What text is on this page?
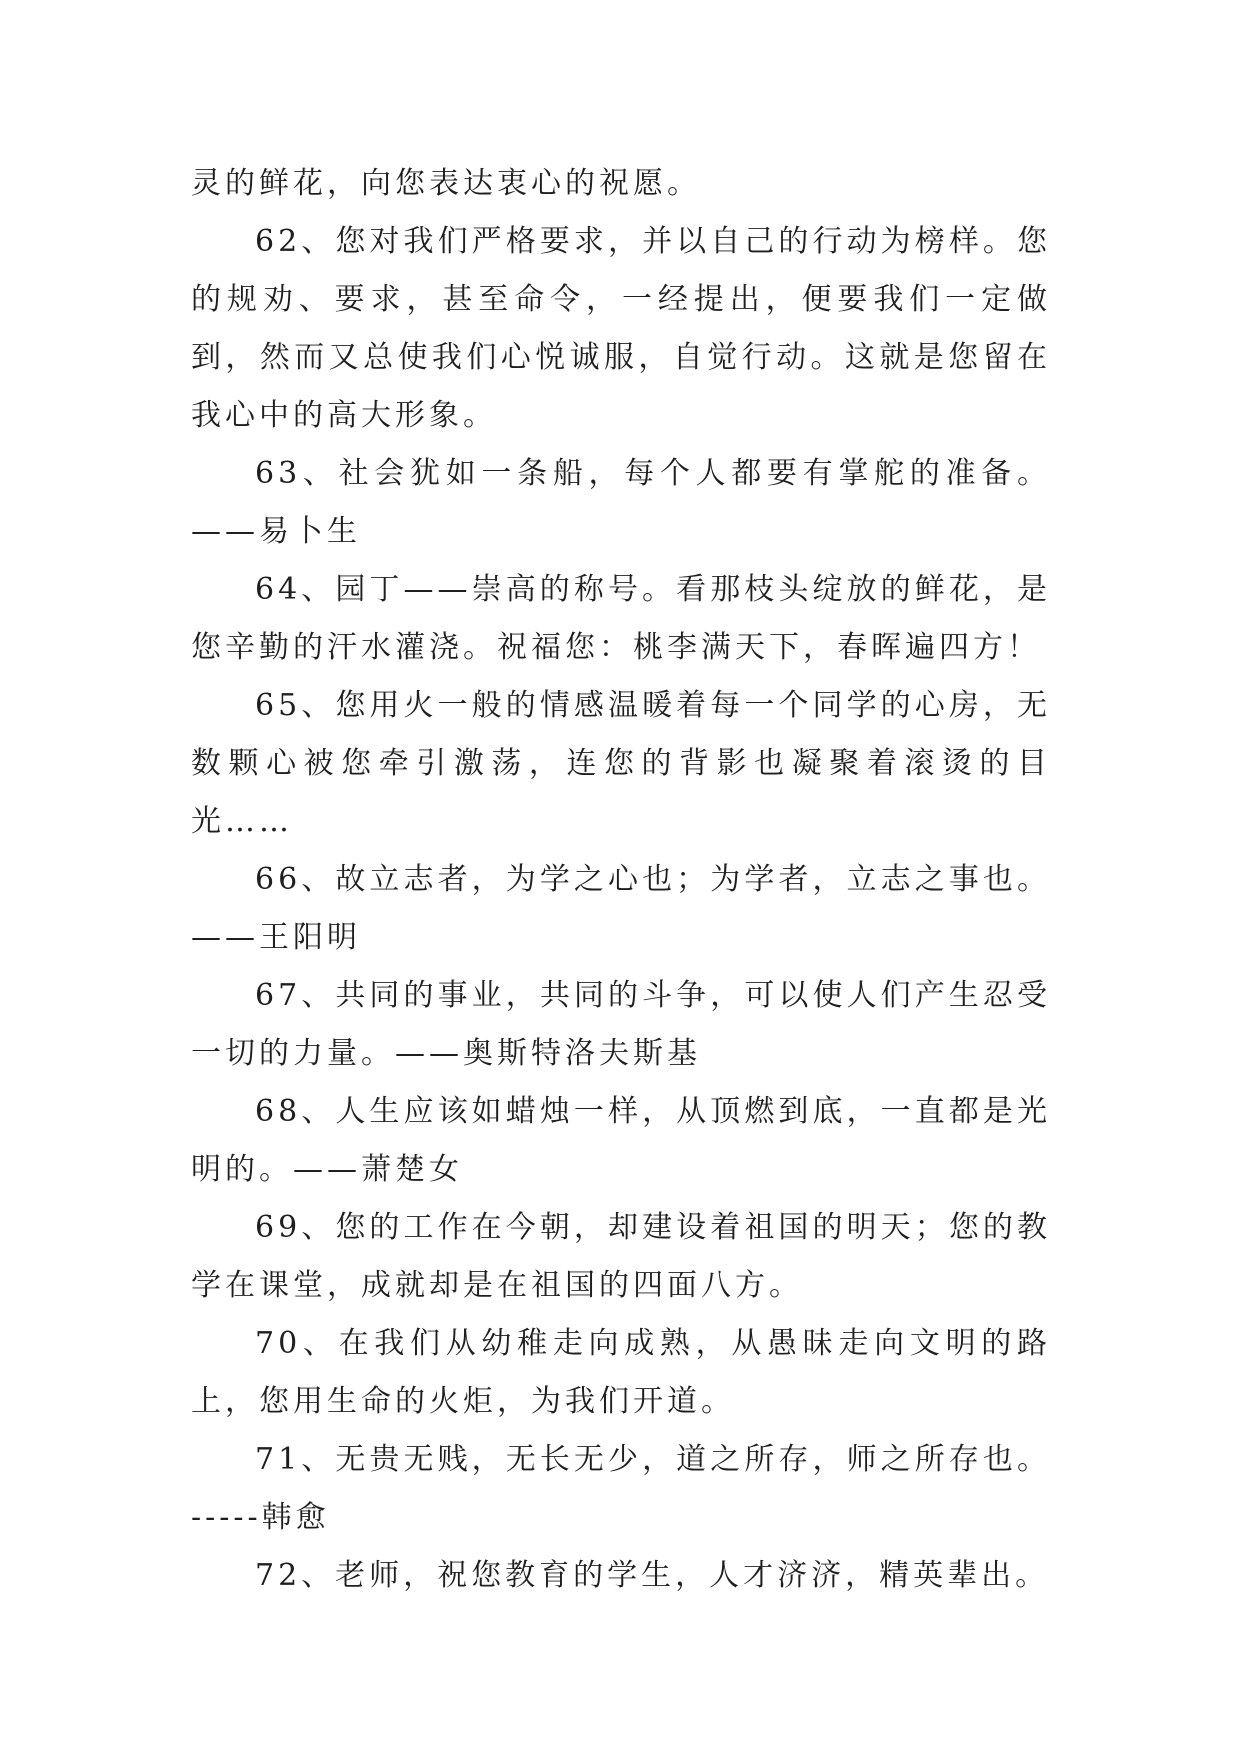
灵的鲜花，向您表达衷心的祝愿。

62、您对我们严格要求，并以自己的行动为榜样。您的规劝、要求，甚至命令，一经提出，便要我们一定做到，然而又总使我们心悦诚服，自觉行动。这就是您留在我心中的高大形象。

63、社会犹如一条船，每个人都要有掌舵的准备。——易卜生

64、园丁——崇高的称号。看那枝头绽放的鲜花，是您辛勤的汗水灌浇。祝福您：桃李满天下，春晖遍四方！

65、您用火一般的情感温暖着每一个同学的心房，无数颗心被您牵引激荡，连您的背影也凝聚着滚烫的目光……

66、故立志者，为学之心也；为学者，立志之事也。——王阳明

67、共同的事业，共同的斗争，可以使人们产生忍受一切的力量。——奥斯特洛夫斯基

68、人生应该如蜡烛一样，从顶燃到底，一直都是光明的。——萧楚女

69、您的工作在今朝，却建设着祖国的明天；您的教学在课堂，成就却是在祖国的四面八方。

70、在我们从幼稚走向成熟，从愚昧走向文明的路上，您用生命的火炬，为我们开道。

71、无贵无贱，无长无少，道之所存，师之所存也。-----韩愈

72、老师，祝您教育的学生，人才济济，精英辈出。
